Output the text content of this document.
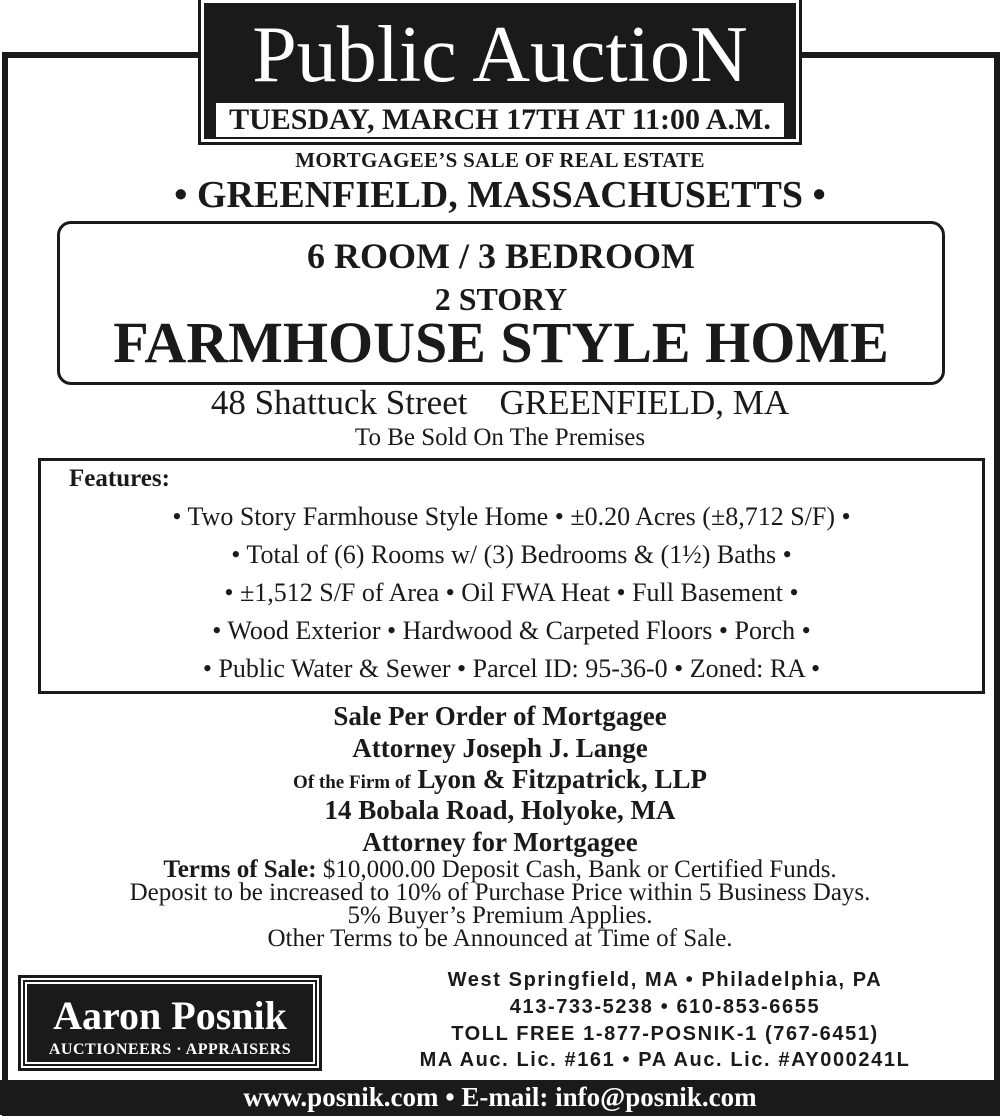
Public AuctioN
TUESDAY, MARCH 17TH AT 11:00 A.M.
MORTGAGEE’S SALE OF REAL ESTATE
• GREENFIELD, MASSACHUSETTS •
6 ROOM / 3 BEDROOM
2 STORY
FARMHOUSE STYLE HOME
48 Shattuck Street GREENFIELD, MA
To Be Sold On The Premises
Features:
• Two Story Farmhouse Style Home • ±0.20 Acres (±8,712 S/F) •
• Total of (6) Rooms w/ (3) Bedrooms & (1½) Baths •
• ±1,512 S/F of Area • Oil FWA Heat • Full Basement •
• Wood Exterior • Hardwood & Carpeted Floors • Porch •
• Public Water & Sewer • Parcel ID: 95-36-0 • Zoned: RA •
Sale Per Order of Mortgagee
Attorney Joseph J. Lange
Of the Firm of Lyon & Fitzpatrick, LLP
14 Bobala Road, Holyoke, MA
Attorney for Mortgagee
Terms of Sale: $10,000.00 Deposit Cash, Bank or Certified Funds.
Deposit to be increased to 10% of Purchase Price within 5 Business Days.
5% Buyer’s Premium Applies.
Other Terms to be Announced at Time of Sale.
Aaron Posnik
AUCTIONEERS · APPRAISERS
West Springfield, MA • Philadelphia, PA
413-733-5238 • 610-853-6655
TOLL FREE 1-877-POSNIK-1 (767-6451)
MA Auc. Lic. #161 • PA Auc. Lic. #AY000241L
www.posnik.com • E-mail: info@posnik.com
